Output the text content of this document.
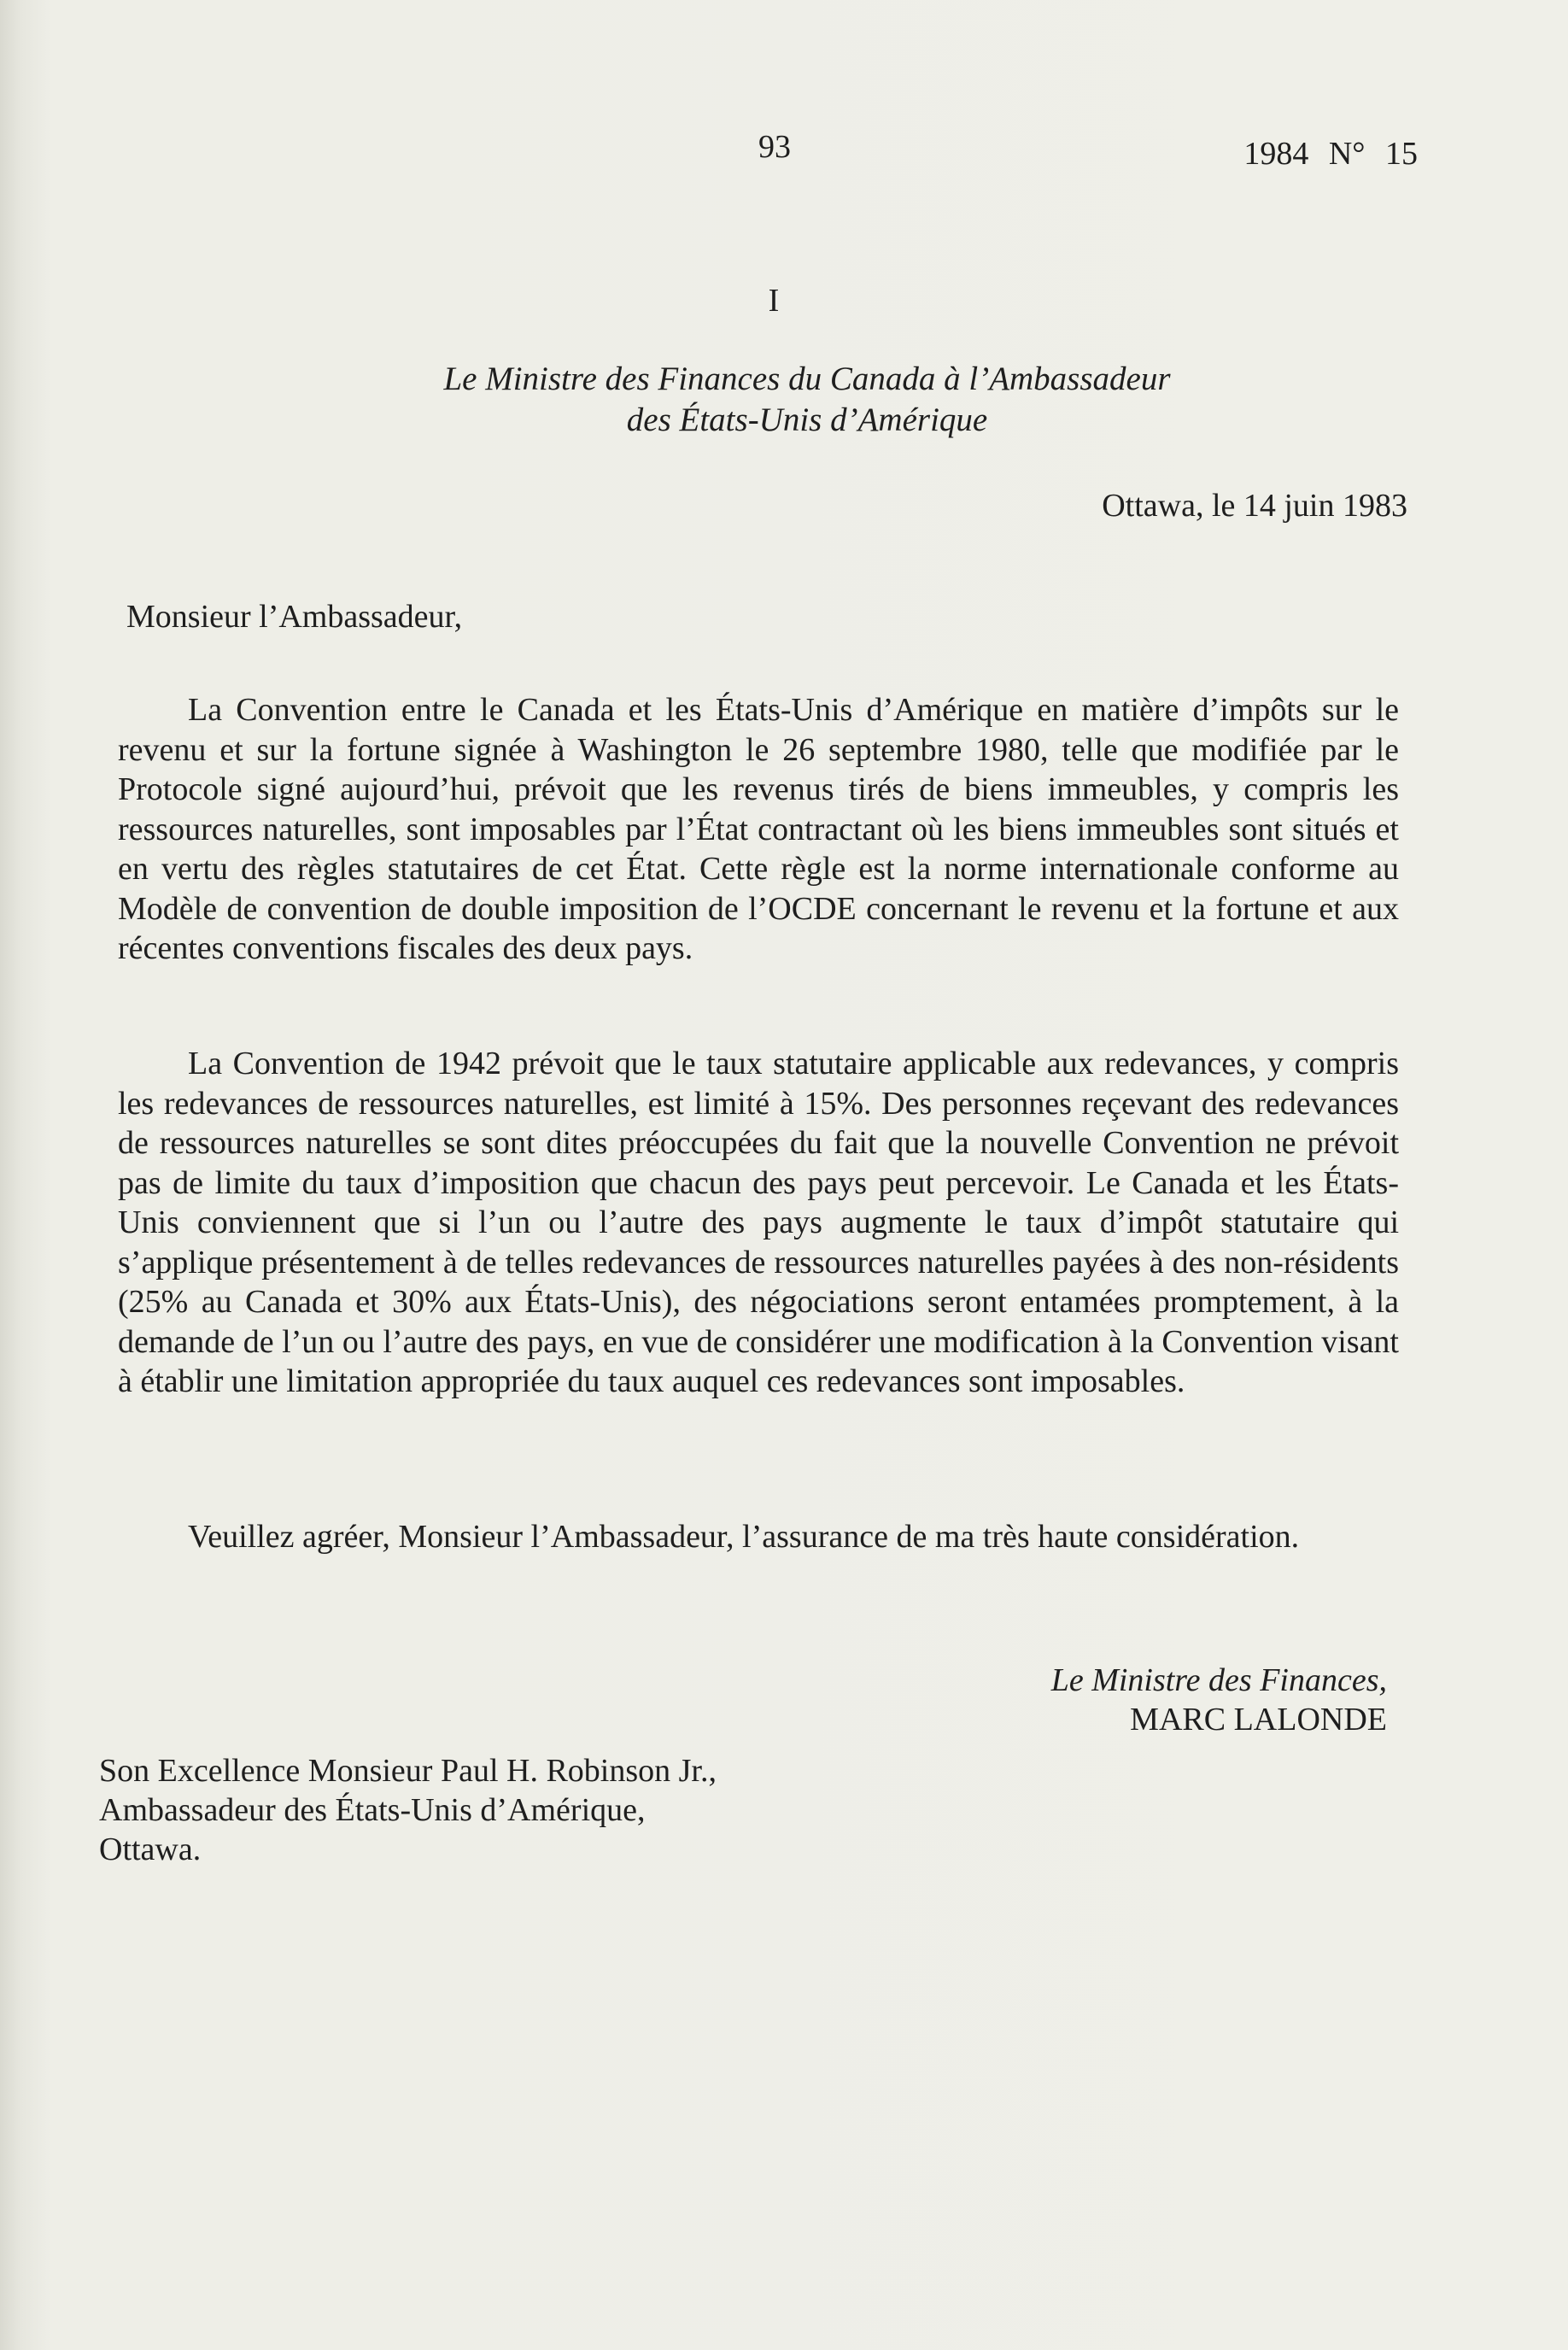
93	1984 N° 15
I
Le Ministre des Finances du Canada à l’Ambassadeur
des États-Unis d’Amérique
Ottawa, le 14 juin 1983
Monsieur l’Ambassadeur,

La Convention entre le Canada et les États-Unis d’Amérique en matière d’impôts sur le revenu et sur la fortune signée à Washington le 26 septembre 1980, telle que modifiée par le Protocole signé aujourd’hui, prévoit que les revenus tirés de biens immeubles, y compris les ressources naturelles, sont imposables par l’État contractant où les biens immeubles sont situés et en vertu des règles statutaires de cet État. Cette règle est la norme internationale conforme au Modèle de convention de double imposition de l’OCDE concernant le revenu et la fortune et aux récentes conventions fiscales des deux pays.

La Convention de 1942 prévoit que le taux statutaire applicable aux redevances, y compris les redevances de ressources naturelles, est limité à 15%. Des personnes reçevant des redevances de ressources naturelles se sont dites préoccupées du fait que la nouvelle Convention ne prévoit pas de limite du taux d’imposition que chacun des pays peut percevoir. Le Canada et les États-Unis conviennent que si l’un ou l’autre des pays augmente le taux d’impôt statutaire qui s’applique présentement à de telles redevances de ressources naturelles payées à des non-résidents (25% au Canada et 30% aux États-Unis), des négociations seront entamées promptement, à la demande de l’un ou l’autre des pays, en vue de considérer une modification à la Convention visant à établir une limitation appropriée du taux auquel ces redevances sont imposables.

Veuillez agréer, Monsieur l’Ambassadeur, l’assurance de ma très haute considération.

Le Ministre des Finances,
MARC LALONDE
Son Excellence Monsieur Paul H. Robinson Jr.,
Ambassadeur des États-Unis d’Amérique,
Ottawa.
